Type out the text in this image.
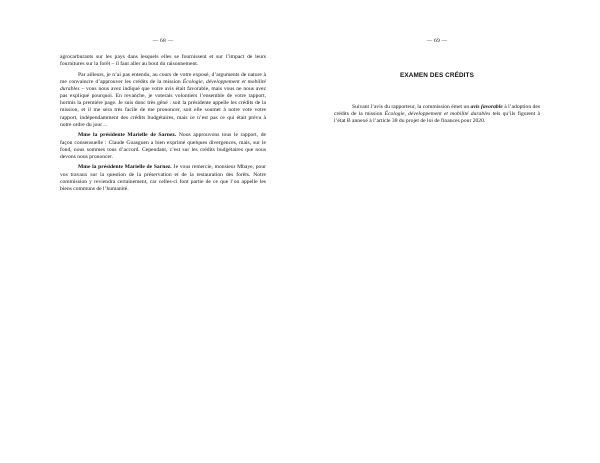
— 68 —

agrocarburants sur les pays dans lesquels elles se fournissent et sur l’impact de leurs fournitures sur la forêt – il faut aller au bout du raisonnement.

Par ailleurs, je n’ai pas entendu, au cours de votre exposé, d’arguments de nature à me convaincre d’approuver les crédits de la mission Écologie, développement et mobilité durables – vous nous avez indiqué que votre avis était favorable, mais vous ne nous avez pas expliqué pourquoi. En revanche, je voterais volontiers l’ensemble de votre rapport, hormis la première page. Je suis donc très gêné : soit la présidente appelle les crédits de la mission, et il me sera très facile de me prononcer, soit elle soumet à notre vote votre rapport, indépendamment des crédits budgétaires, mais ce n’est pas ce qui était prévu à notre ordre du jour…

Mme la présidente Marielle de Sarnez. Nous approuvons tous le rapport, de façon consensuelle : Claude Goasguen a bien exprimé quelques divergences, mais, sur le fond, nous sommes tous d’accord. Cependant, c’est sur les crédits budgétaires que nous devons nous prononcer.

Mme la présidente Marielle de Sarnez. Je vous remercie, monsieur Mbaye, pour vos travaux sur la question de la préservation et de la restauration des forêts. Notre commission y reviendra certainement, car celles-ci font partie de ce que l’on appelle les biens communs de l’humanité.

— 69 —
EXAMEN DES CRÉDITS

Suivant l’avis du rapporteur, la commission émet un avis favorable à l’adoption des crédits de la mission Écologie, développement et mobilité durables tels qu’ils figurent à l’état B annexé à l’article 38 du projet de loi de finances pour 2020.
